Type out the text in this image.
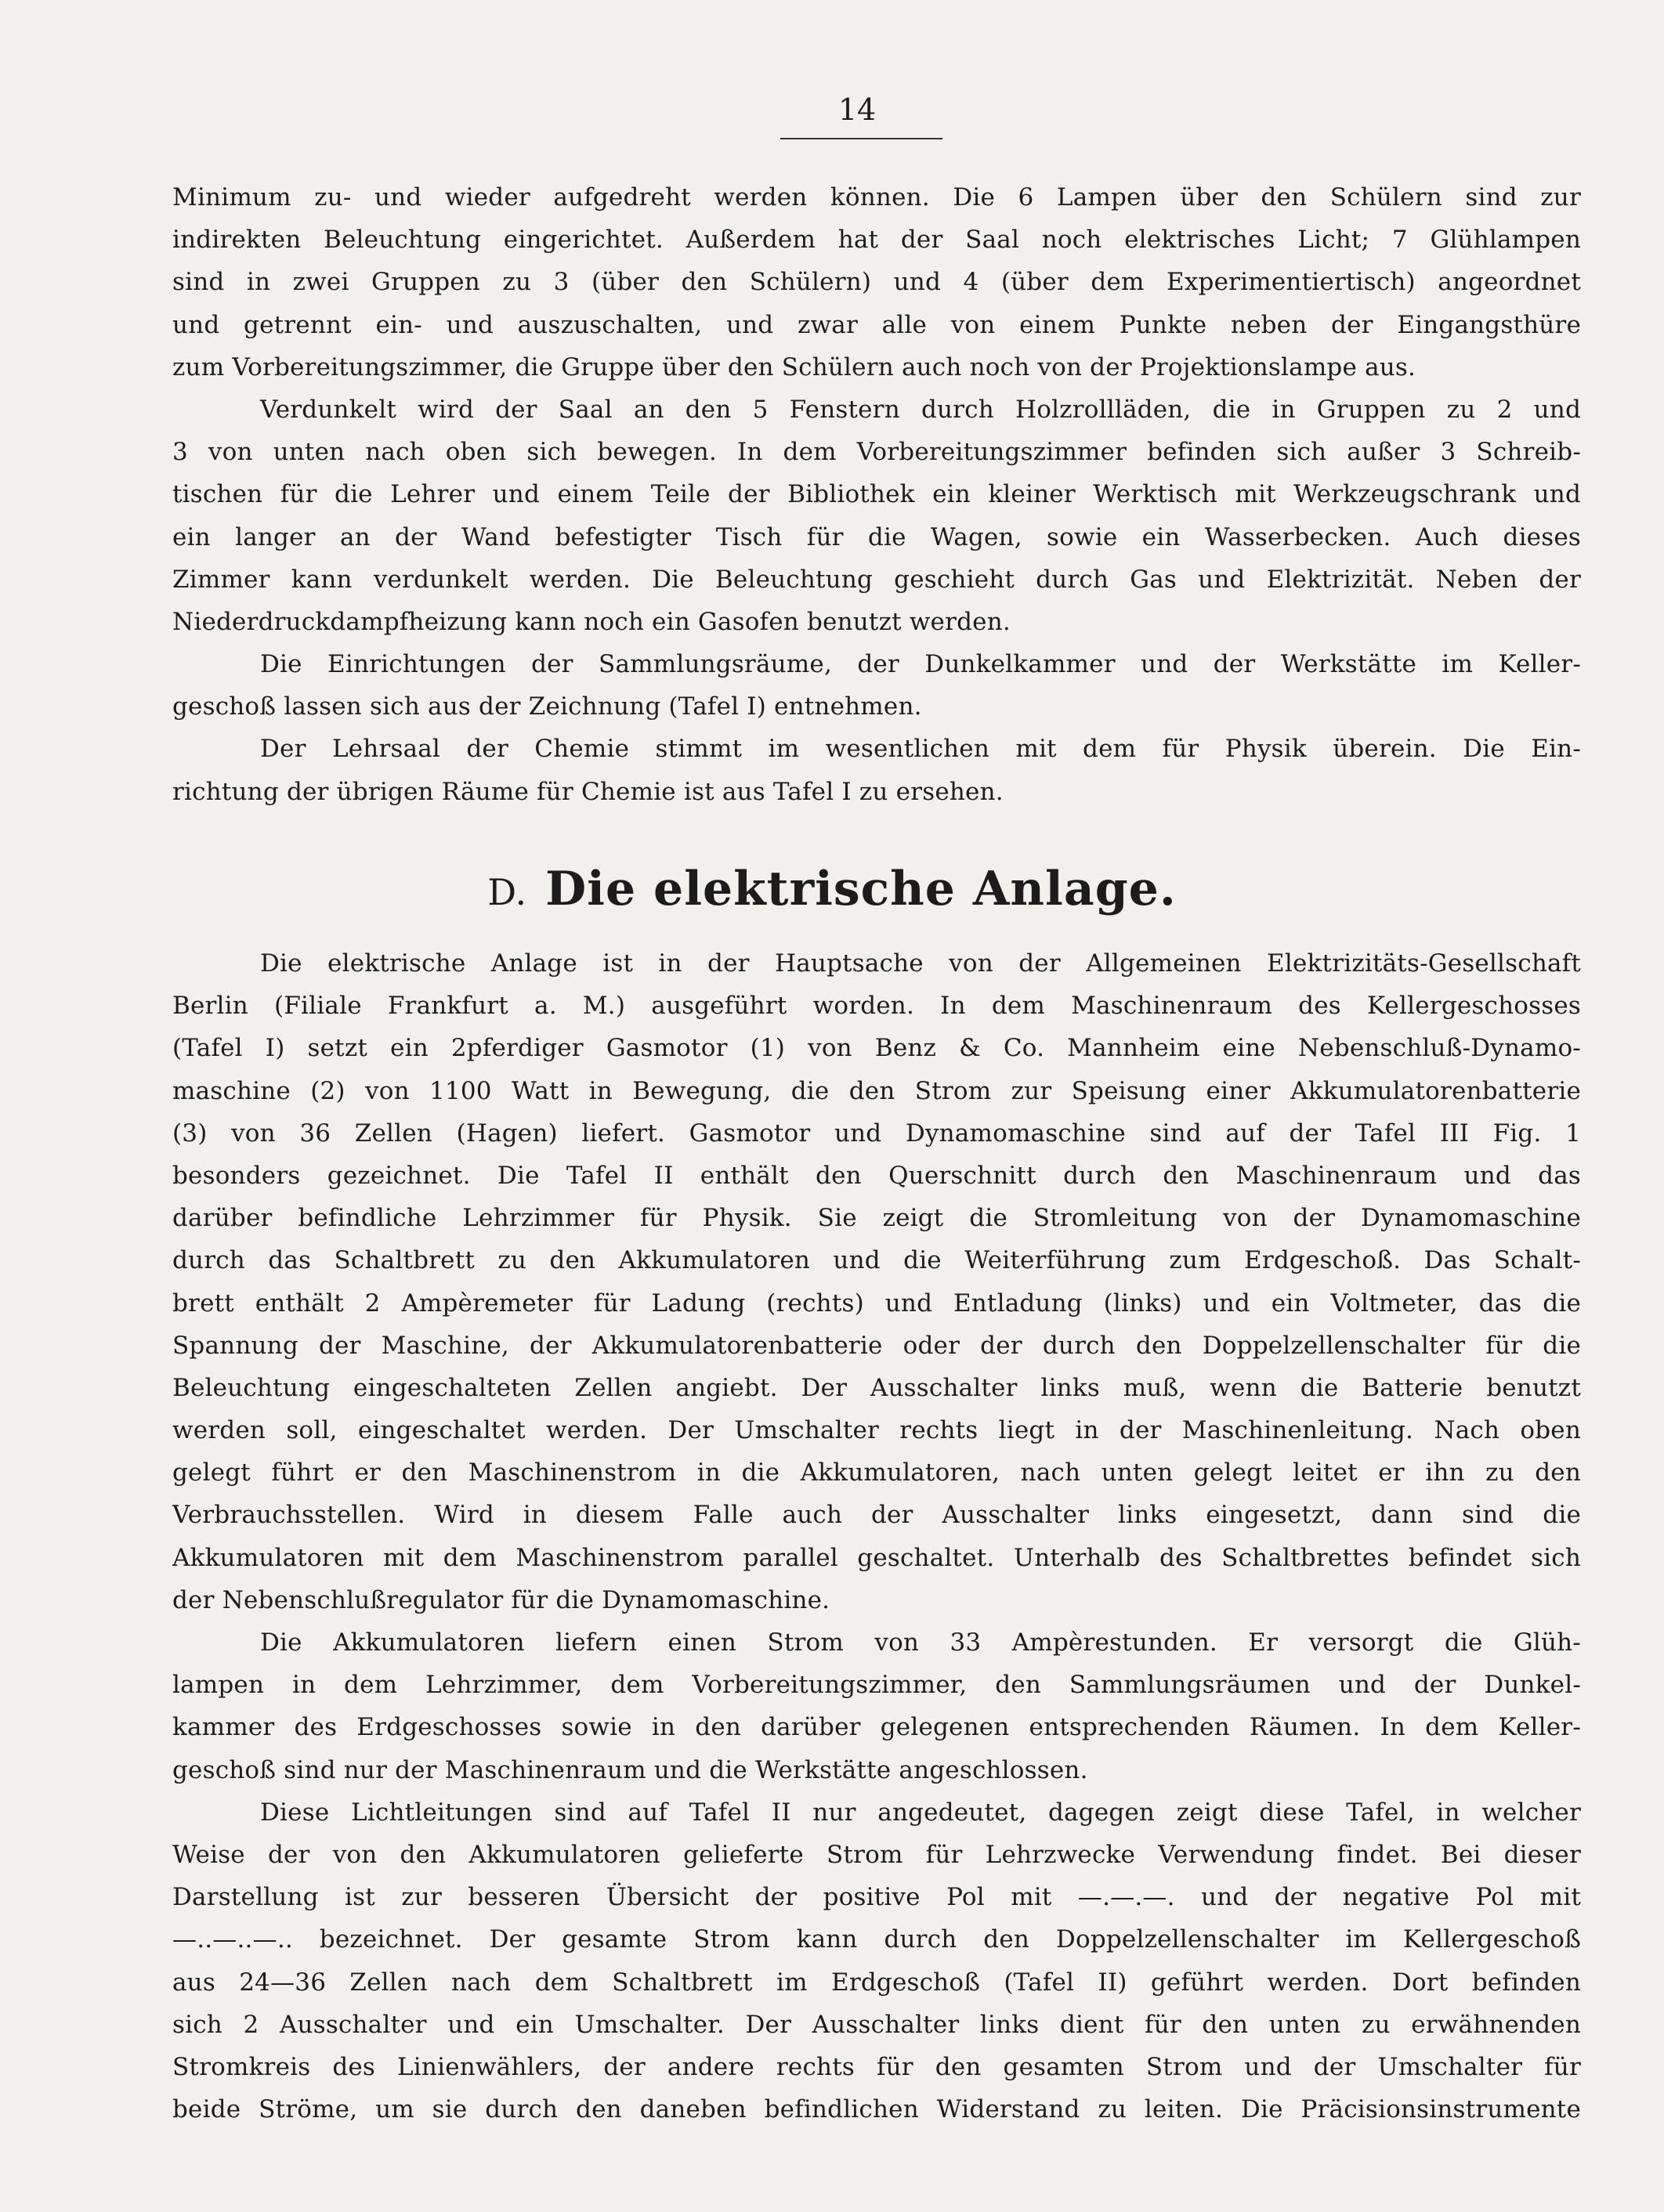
14
Minimum zu- und wieder aufgedreht werden können. Die 6 Lampen über den Schülern sind zur
indirekten Beleuchtung eingerichtet. Außerdem hat der Saal noch elektrisches Licht; 7 Glühlampen
sind in zwei Gruppen zu 3 (über den Schülern) und 4 (über dem Experimentiertisch) angeordnet
und getrennt ein- und auszuschalten, und zwar alle von einem Punkte neben der Eingangsthüre
zum Vorbereitungszimmer, die Gruppe über den Schülern auch noch von der Projektionslampe aus.
Verdunkelt wird der Saal an den 5 Fenstern durch Holzrollläden, die in Gruppen zu 2 und
3 von unten nach oben sich bewegen. In dem Vorbereitungszimmer befinden sich außer 3 Schreib-
tischen für die Lehrer und einem Teile der Bibliothek ein kleiner Werktisch mit Werkzeugschrank und
ein langer an der Wand befestigter Tisch für die Wagen, sowie ein Wasserbecken. Auch dieses
Zimmer kann verdunkelt werden. Die Beleuchtung geschieht durch Gas und Elektrizität. Neben der
Niederdruckdampfheizung kann noch ein Gasofen benutzt werden.
Die Einrichtungen der Sammlungsräume, der Dunkelkammer und der Werkstätte im Keller-
geschoß lassen sich aus der Zeichnung (Tafel I) entnehmen.
Der Lehrsaal der Chemie stimmt im wesentlichen mit dem für Physik überein. Die Ein-
richtung der übrigen Räume für Chemie ist aus Tafel I zu ersehen.
D. Die elektrische Anlage.
Die elektrische Anlage ist in der Hauptsache von der Allgemeinen Elektrizitäts-Gesellschaft
Berlin (Filiale Frankfurt a. M.) ausgeführt worden. In dem Maschinenraum des Kellergeschosses
(Tafel I) setzt ein 2pferdiger Gasmotor (1) von Benz & Co. Mannheim eine Nebenschluß-Dynamo-
maschine (2) von 1100 Watt in Bewegung, die den Strom zur Speisung einer Akkumulatorenbatterie
(3) von 36 Zellen (Hagen) liefert. Gasmotor und Dynamomaschine sind auf der Tafel III Fig. 1
besonders gezeichnet. Die Tafel II enthält den Querschnitt durch den Maschinenraum und das
darüber befindliche Lehrzimmer für Physik. Sie zeigt die Stromleitung von der Dynamomaschine
durch das Schaltbrett zu den Akkumulatoren und die Weiterführung zum Erdgeschoß. Das Schalt-
brett enthält 2 Ampèremeter für Ladung (rechts) und Entladung (links) und ein Voltmeter, das die
Spannung der Maschine, der Akkumulatorenbatterie oder der durch den Doppelzellenschalter für die
Beleuchtung eingeschalteten Zellen angiebt. Der Ausschalter links muß, wenn die Batterie benutzt
werden soll, eingeschaltet werden. Der Umschalter rechts liegt in der Maschinenleitung. Nach oben
gelegt führt er den Maschinenstrom in die Akkumulatoren, nach unten gelegt leitet er ihn zu den
Verbrauchsstellen. Wird in diesem Falle auch der Ausschalter links eingesetzt, dann sind die
Akkumulatoren mit dem Maschinenstrom parallel geschaltet. Unterhalb des Schaltbrettes befindet sich
der Nebenschlußregulator für die Dynamomaschine.
Die Akkumulatoren liefern einen Strom von 33 Ampèrestunden. Er versorgt die Glüh-
lampen in dem Lehrzimmer, dem Vorbereitungszimmer, den Sammlungsräumen und der Dunkel-
kammer des Erdgeschosses sowie in den darüber gelegenen entsprechenden Räumen. In dem Keller-
geschoß sind nur der Maschinenraum und die Werkstätte angeschlossen.
Diese Lichtleitungen sind auf Tafel II nur angedeutet, dagegen zeigt diese Tafel, in welcher
Weise der von den Akkumulatoren gelieferte Strom für Lehrzwecke Verwendung findet. Bei dieser
Darstellung ist zur besseren Übersicht der positive Pol mit —.—.—. und der negative Pol mit
—..—..—.. bezeichnet. Der gesamte Strom kann durch den Doppelzellenschalter im Kellergeschoß
aus 24—36 Zellen nach dem Schaltbrett im Erdgeschoß (Tafel II) geführt werden. Dort befinden
sich 2 Ausschalter und ein Umschalter. Der Ausschalter links dient für den unten zu erwähnenden
Stromkreis des Linienwählers, der andere rechts für den gesamten Strom und der Umschalter für
beide Ströme, um sie durch den daneben befindlichen Widerstand zu leiten. Die Präcisionsinstrumente
